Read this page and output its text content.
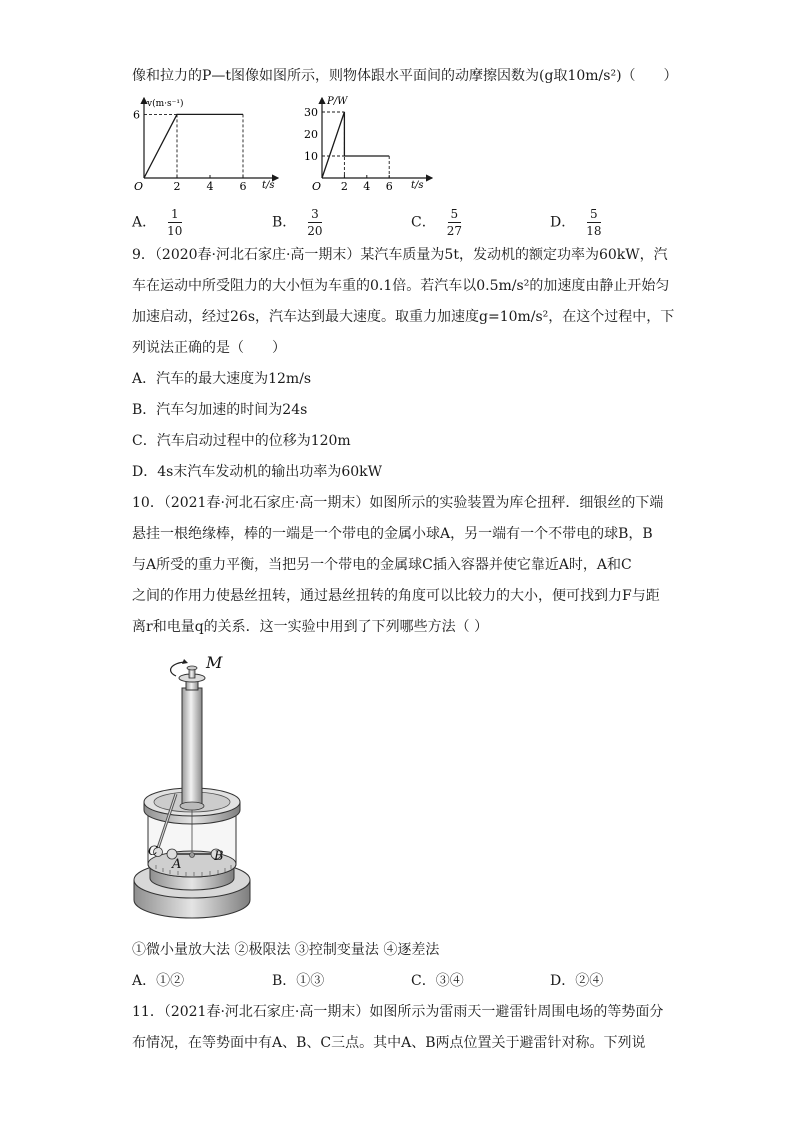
像和拉力的P—t图像如图所示，则物体跟水平面间的动摩擦因数为(g取10m/s²)（　　）
v(m·s⁻¹)
t/s
O
6
2 4 6
P/W
t/s
O
10
20
30
2 4 6
A． $\frac{1}{10}$	B． $\frac{3}{20}$	C． $\frac{5}{27}$	D． $\frac{5}{18}$
9．（2020春·河北石家庄·高一期末）某汽车质量为5t，发动机的额定功率为60kW，汽
车在运动中所受阻力的大小恒为车重的0.1倍。若汽车以0.5m/s²的加速度由静止开始匀
加速启动，经过26s，汽车达到最大速度。取重力加速度g=10m/s²，在这个过程中，下
列说法正确的是（　　）
A．汽车的最大速度为12m/s
B．汽车匀加速的时间为24s
C．汽车启动过程中的位移为120m
D．4s末汽车发动机的输出功率为60kW
10．（2021春·河北石家庄·高一期末）如图所示的实验装置为库仑扭秤．细银丝的下端
悬挂一根绝缘棒，棒的一端是一个带电的金属小球A，另一端有一个不带电的球B，B
与A所受的重力平衡，当把另一个带电的金属球C插入容器并使它靠近A时，A和C
之间的作用力使悬丝扭转，通过悬丝扭转的角度可以比较力的大小，便可找到力F与距
离r和电量q的关系．这一实验中用到了下列哪些方法（ ）
M
C
A
B
①微小量放大法 ②极限法 ③控制变量法 ④逐差法
A．①②	B．①③	C．③④	D．②④
11．（2021春·河北石家庄·高一期末）如图所示为雷雨天一避雷针周围电场的等势面分
布情况，在等势面中有A、B、C三点。其中A、B两点位置关于避雷针对称。下列说
